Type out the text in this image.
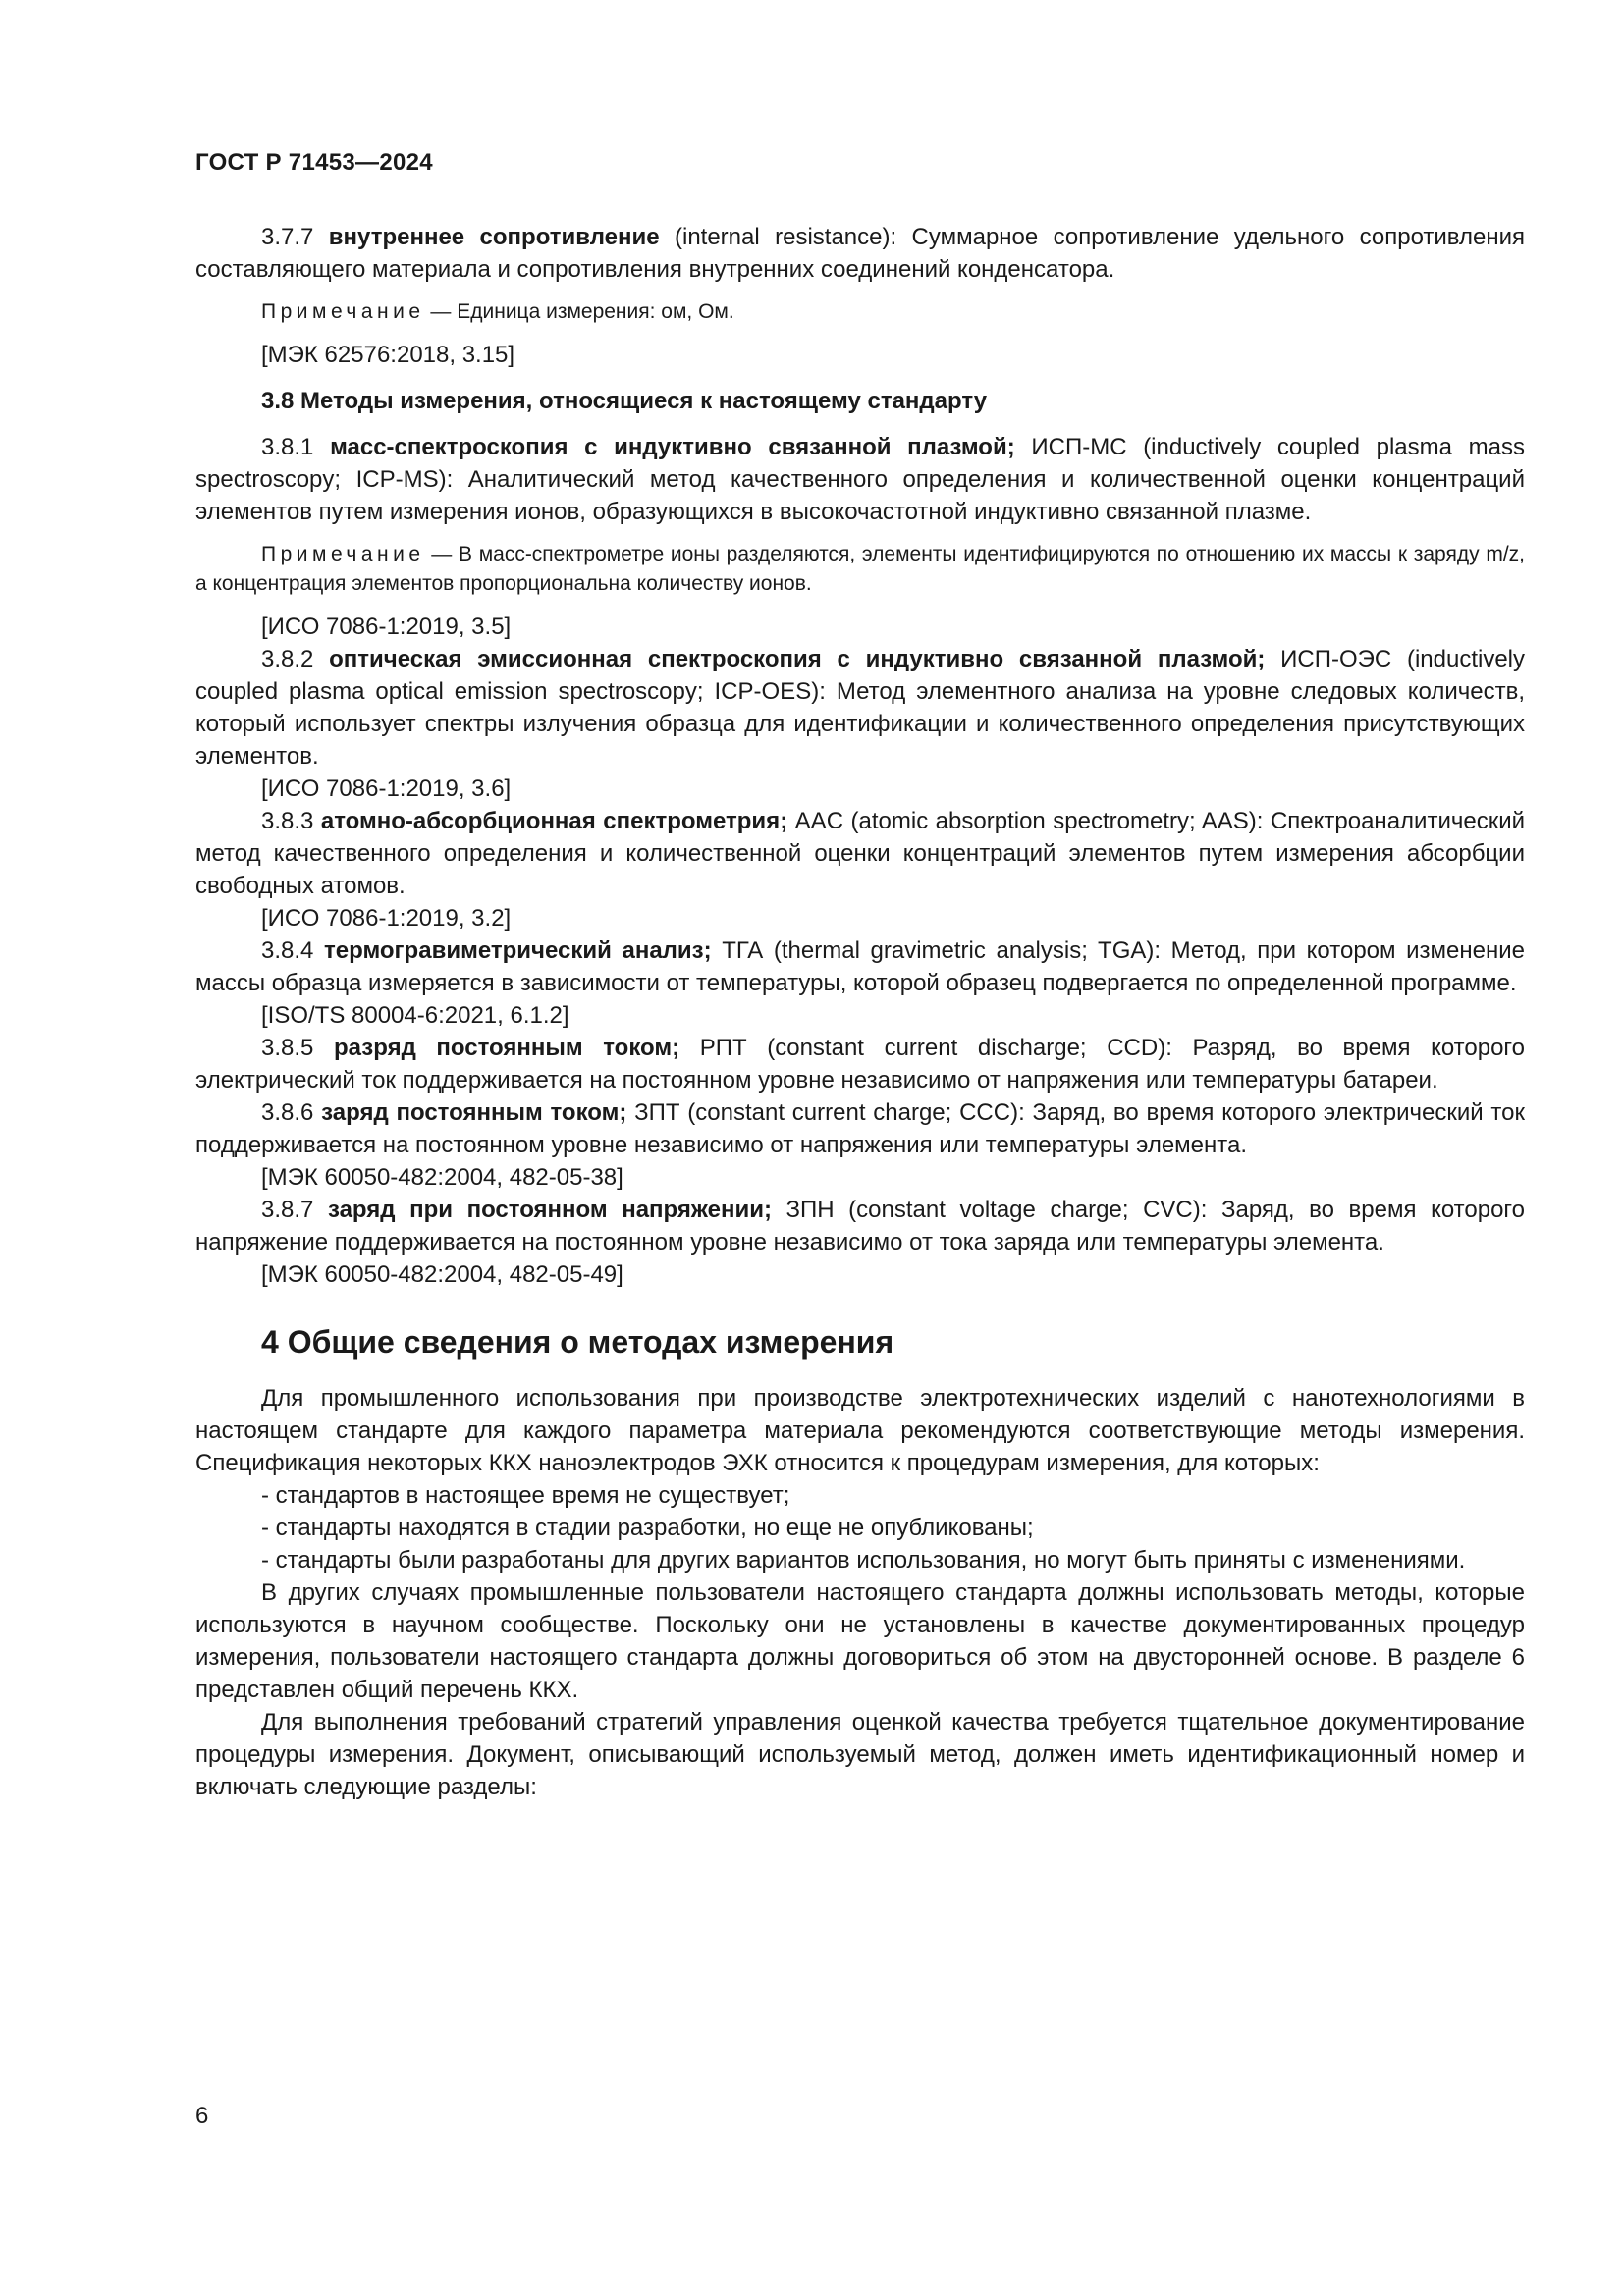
ГОСТ Р 71453—2024

3.7.7 внутреннее сопротивление (internal resistance): Суммарное сопротивление удельного сопротивления составляющего материала и сопротивления внутренних соединений конденсатора.

Примечание — Единица измерения: ом, Ом.

[МЭК 62576:2018, 3.15]

3.8 Методы измерения, относящиеся к настоящему стандарту

3.8.1 масс-спектроскопия с индуктивно связанной плазмой; ИСП-МС (inductively coupled plasma mass spectroscopy; ICP-MS): Аналитический метод качественного определения и количественной оценки концентраций элементов путем измерения ионов, образующихся в высокочастотной индуктивно связанной плазме.

Примечание — В масс-спектрометре ионы разделяются, элементы идентифицируются по отношению их массы к заряду m/z, а концентрация элементов пропорциональна количеству ионов.

[ИСО 7086-1:2019, 3.5]

3.8.2 оптическая эмиссионная спектроскопия с индуктивно связанной плазмой; ИСП-ОЭС (inductively coupled plasma optical emission spectroscopy; ICP-OES): Метод элементного анализа на уровне следовых количеств, который использует спектры излучения образца для идентификации и количественного определения присутствующих элементов.

[ИСО 7086-1:2019, 3.6]

3.8.3 атомно-абсорбционная спектрометрия; AAC (atomic absorption spectrometry; AAS): Спектроаналитический метод качественного определения и количественной оценки концентраций элементов путем измерения абсорбции свободных атомов.

[ИСО 7086-1:2019, 3.2]

3.8.4 термогравиметрический анализ; ТГА (thermal gravimetric analysis; TGA): Метод, при котором изменение массы образца измеряется в зависимости от температуры, которой образец подвергается по определенной программе.

[ISO/TS 80004-6:2021, 6.1.2]

3.8.5 разряд постоянным током; РПТ (constant current discharge; CCD): Разряд, во время которого электрический ток поддерживается на постоянном уровне независимо от напряжения или температуры батареи.

3.8.6 заряд постоянным током; ЗПТ (constant current charge; CCC): Заряд, во время которого электрический ток поддерживается на постоянном уровне независимо от напряжения или температуры элемента.

[МЭК 60050-482:2004, 482-05-38]

3.8.7 заряд при постоянном напряжении; ЗПН (constant voltage charge; CVC): Заряд, во время которого напряжение поддерживается на постоянном уровне независимо от тока заряда или температуры элемента.

[МЭК 60050-482:2004, 482-05-49]

4 Общие сведения о методах измерения

Для промышленного использования при производстве электротехнических изделий с нанотехнологиями в настоящем стандарте для каждого параметра материала рекомендуются соответствующие методы измерения. Спецификация некоторых ККХ наноэлектродов ЭХК относится к процедурам измерения, для которых:

- стандартов в настоящее время не существует;

- стандарты находятся в стадии разработки, но еще не опубликованы;

- стандарты были разработаны для других вариантов использования, но могут быть приняты с изменениями.

В других случаях промышленные пользователи настоящего стандарта должны использовать методы, которые используются в научном сообществе. Поскольку они не установлены в качестве документированных процедур измерения, пользователи настоящего стандарта должны договориться об этом на двусторонней основе. В разделе 6 представлен общий перечень ККХ.

Для выполнения требований стратегий управления оценкой качества требуется тщательное документирование процедуры измерения. Документ, описывающий используемый метод, должен иметь идентификационный номер и включать следующие разделы:

6
